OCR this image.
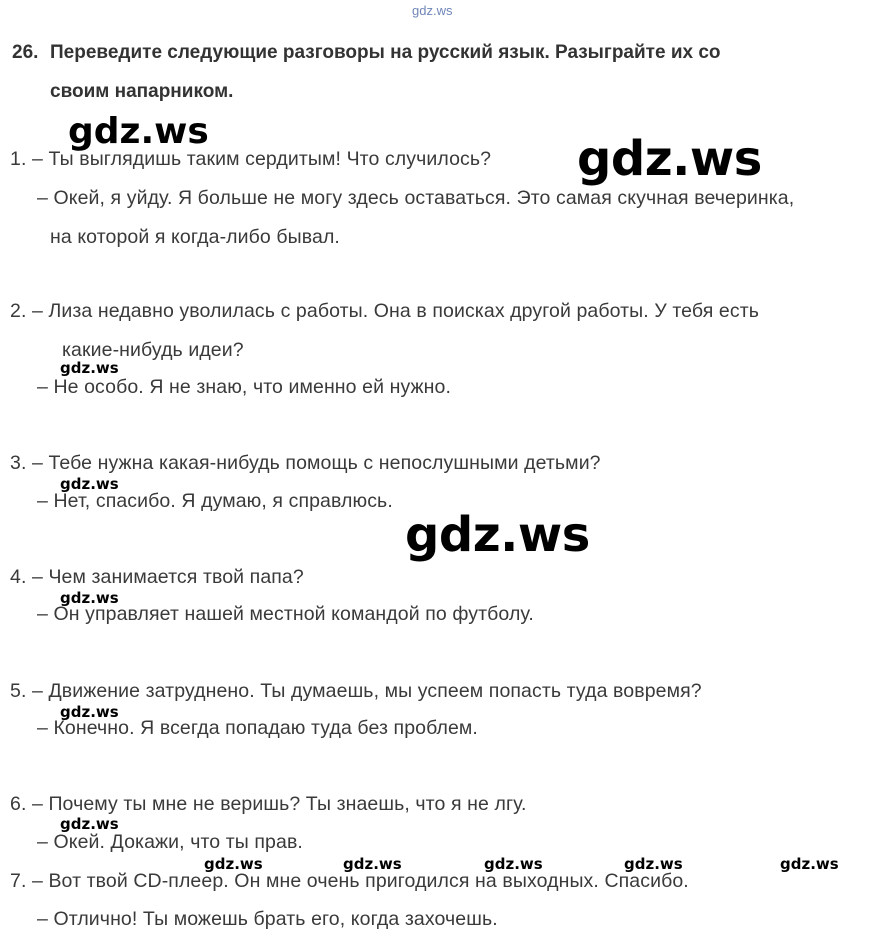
gdz.ws
26. Переведите следующие разговоры на русский язык. Разыграйте их со
своим напарником.
gdz.ws	gdz.ws
gdz.ws
1. – Ты выглядишь таким сердитым! Что случилось?
– Окей, я уйду. Я больше не могу здесь оставаться. Это самая скучная вечеринка,
на которой я когда-либо бывал.
2. – Лиза недавно уволилась с работы. Она в поисках другой работы. У тебя есть
какие-нибудь идеи?
gdz.ws
– Не особо. Я не знаю, что именно ей нужно.
3. – Тебе нужна какая-нибудь помощь с непослушными детьми?
gdz.ws
– Нет, спасибо. Я думаю, я справлюсь.
4. – Чем занимается твой папа?
gdz.ws
– Он управляет нашей местной командой по футболу.
5. – Движение затруднено. Ты думаешь, мы успеем попасть туда вовремя?
gdz.ws
– Конечно. Я всегда попадаю туда без проблем.
6. – Почему ты мне не веришь? Ты знаешь, что я не лгу.
gdz.ws
– Окей. Докажи, что ты прав.
gdz.ws	gdz.ws	gdz.ws	gdz.ws	gdz.ws
7. – Вот твой CD-плеер. Он мне очень пригодился на выходных. Спасибо.
– Отлично! Ты можешь брать его, когда захочешь.
